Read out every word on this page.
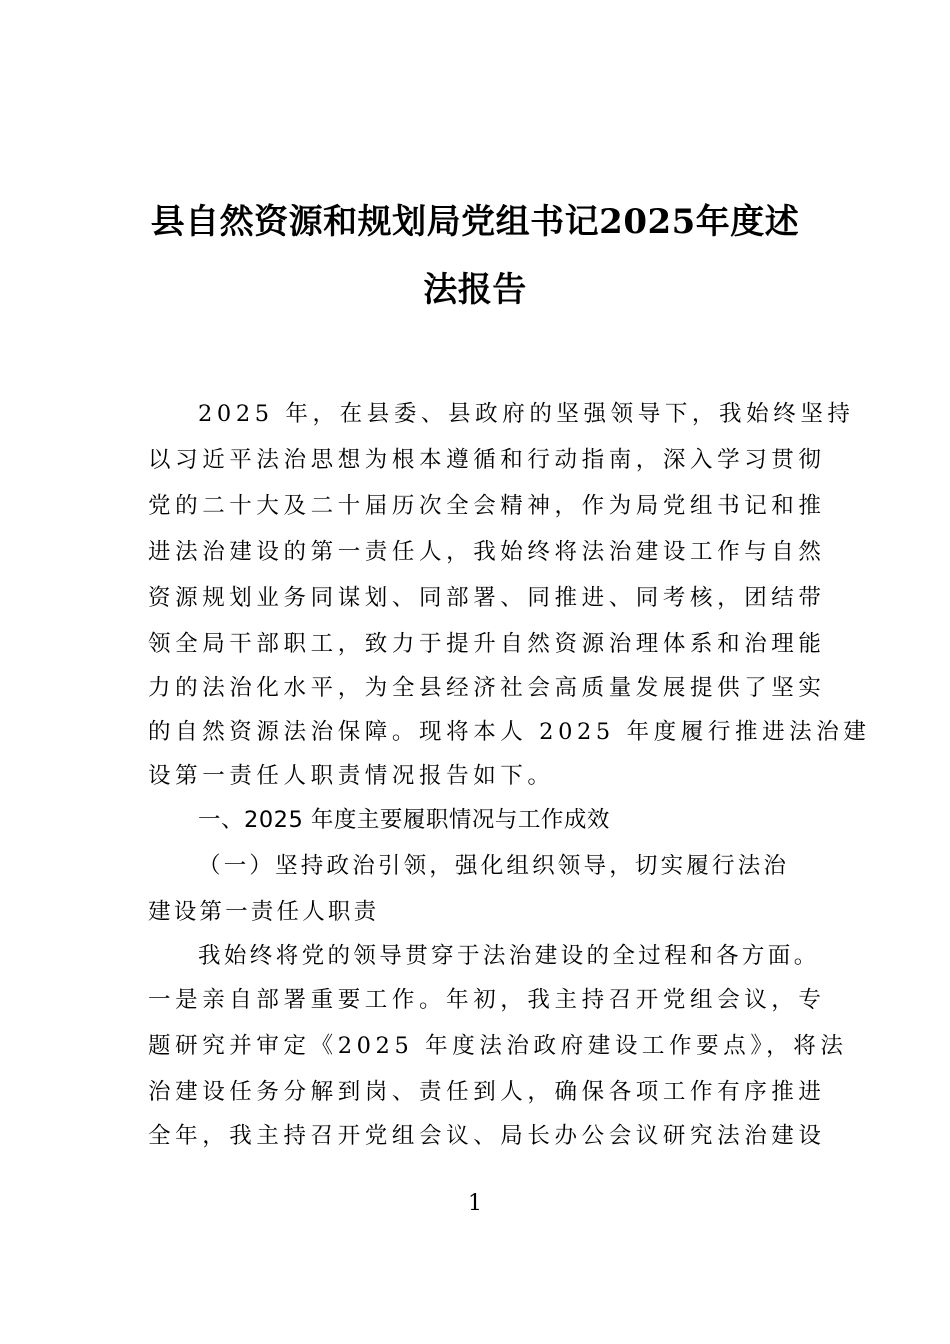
县自然资源和规划局党组书记2025年度述
法报告

2025 年，在县委、县政府的坚强领导下，我始终坚持

以习近平法治思想为根本遵循和行动指南，深入学习贯彻

党的二十大及二十届历次全会精神，作为局党组书记和推

进法治建设的第一责任人，我始终将法治建设工作与自然

资源规划业务同谋划、同部署、同推进、同考核，团结带

领全局干部职工，致力于提升自然资源治理体系和治理能

力的法治化水平，为全县经济社会高质量发展提供了坚实

的自然资源法治保障。现将本人 2025 年度履行推进法治建

设第一责任人职责情况报告如下。

一、2025 年度主要履职情况与工作成效

（一）坚持政治引领，强化组织领导，切实履行法治

建设第一责任人职责

我始终将党的领导贯穿于法治建设的全过程和各方面。

一是亲自部署重要工作。年初，我主持召开党组会议，专

题研究并审定《2025 年度法治政府建设工作要点》，将法

治建设任务分解到岗、责任到人，确保各项工作有序推进

全年，我主持召开党组会议、局长办公会议研究法治建设

1
